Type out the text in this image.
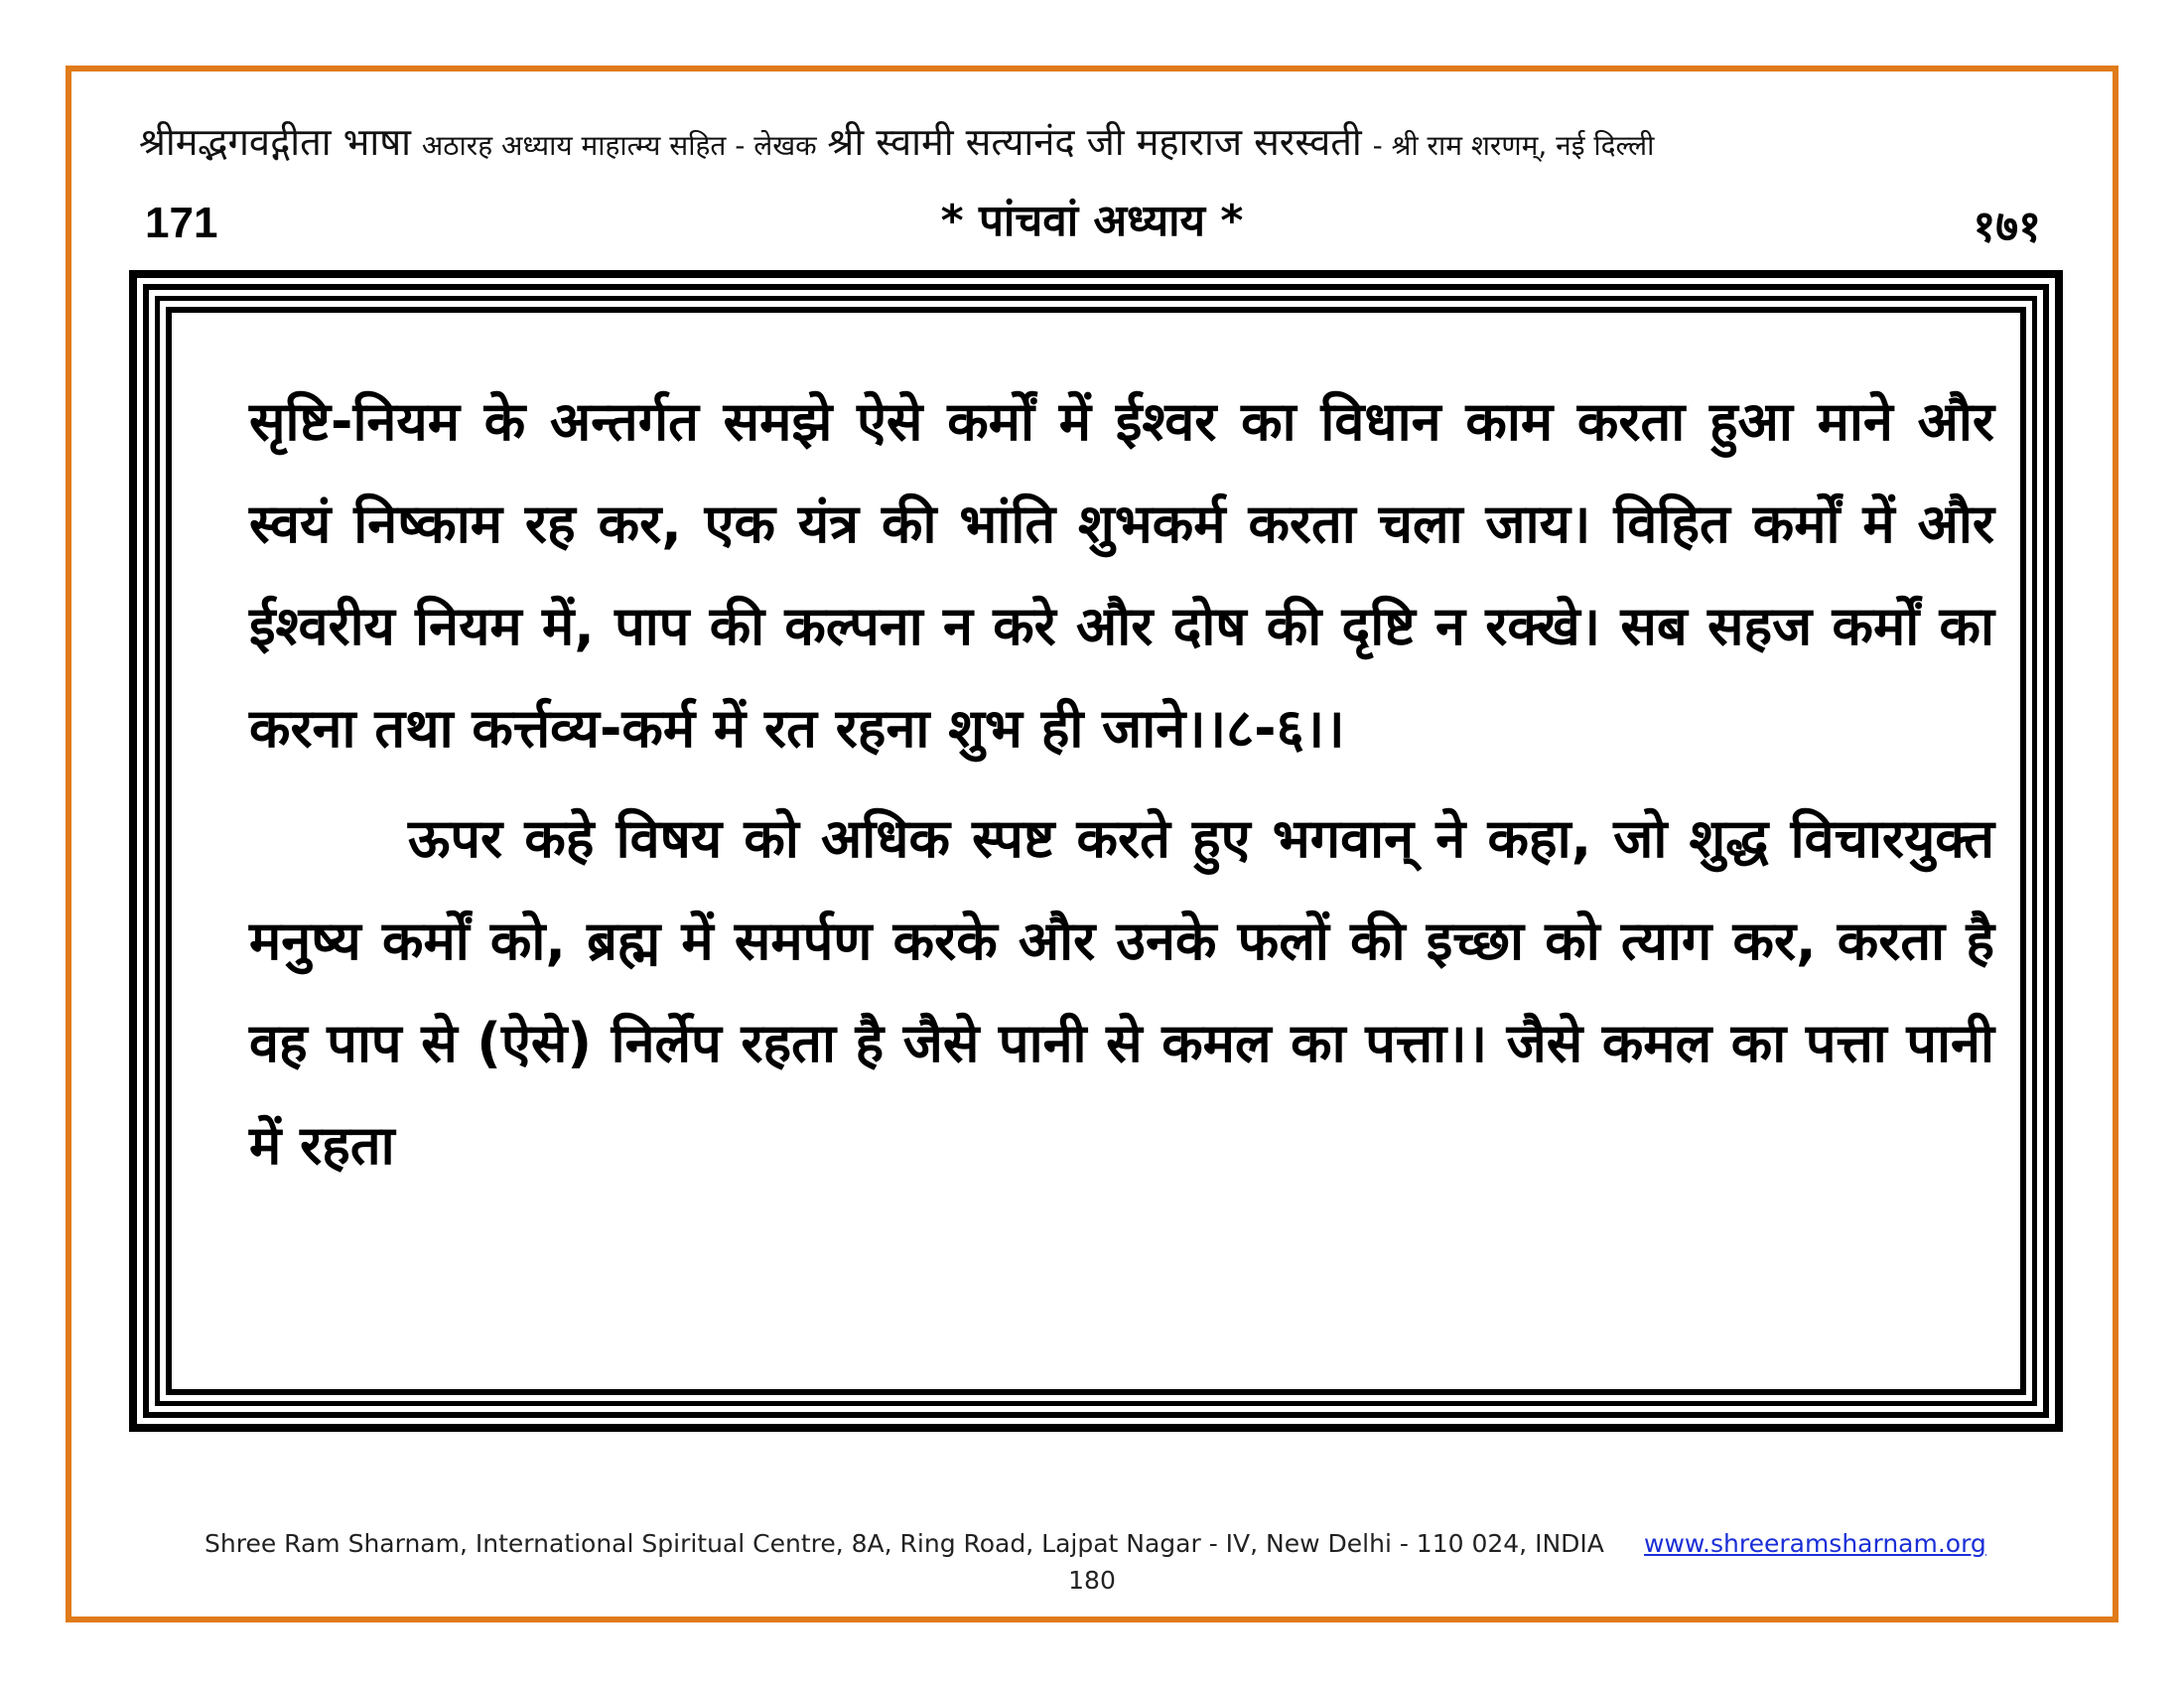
श्रीमद्भगवद्गीता भाषा अठारह अध्याय माहात्म्य सहित - लेखक श्री स्वामी सत्यानंद जी महाराज सरस्वती - श्री राम शरणम्, नई दिल्ली
171	* पांचवां अध्याय *	१७१

सृष्टि-नियम के अन्तर्गत समझे ऐसे कर्मों में ईश्वर का विधान काम करता हुआ माने और स्वयं निष्काम रह कर, एक यंत्र की भांति शुभकर्म करता चला जाय। विहित कर्मों में और ईश्वरीय नियम में, पाप की कल्पना न करे और दोष की दृष्टि न रक्खे। सब सहज कर्मों का करना तथा कर्त्तव्य-कर्म में रत रहना शुभ ही जाने।।८-६।।

ऊपर कहे विषय को अधिक स्पष्ट करते हुए भगवान् ने कहा, जो शुद्ध विचारयुक्त मनुष्य कर्मों को, ब्रह्म में समर्पण करके और उनके फलों की इच्छा को त्याग कर, करता है वह पाप से (ऐसे) निर्लेप रहता है जैसे पानी से कमल का पत्ता।। जैसे कमल का पत्ता पानी में रहता

Shree Ram Sharnam, International Spiritual Centre, 8A, Ring Road, Lajpat Nagar - IV, New Delhi - 110 024, INDIA www.shreeramsharnam.org
180
